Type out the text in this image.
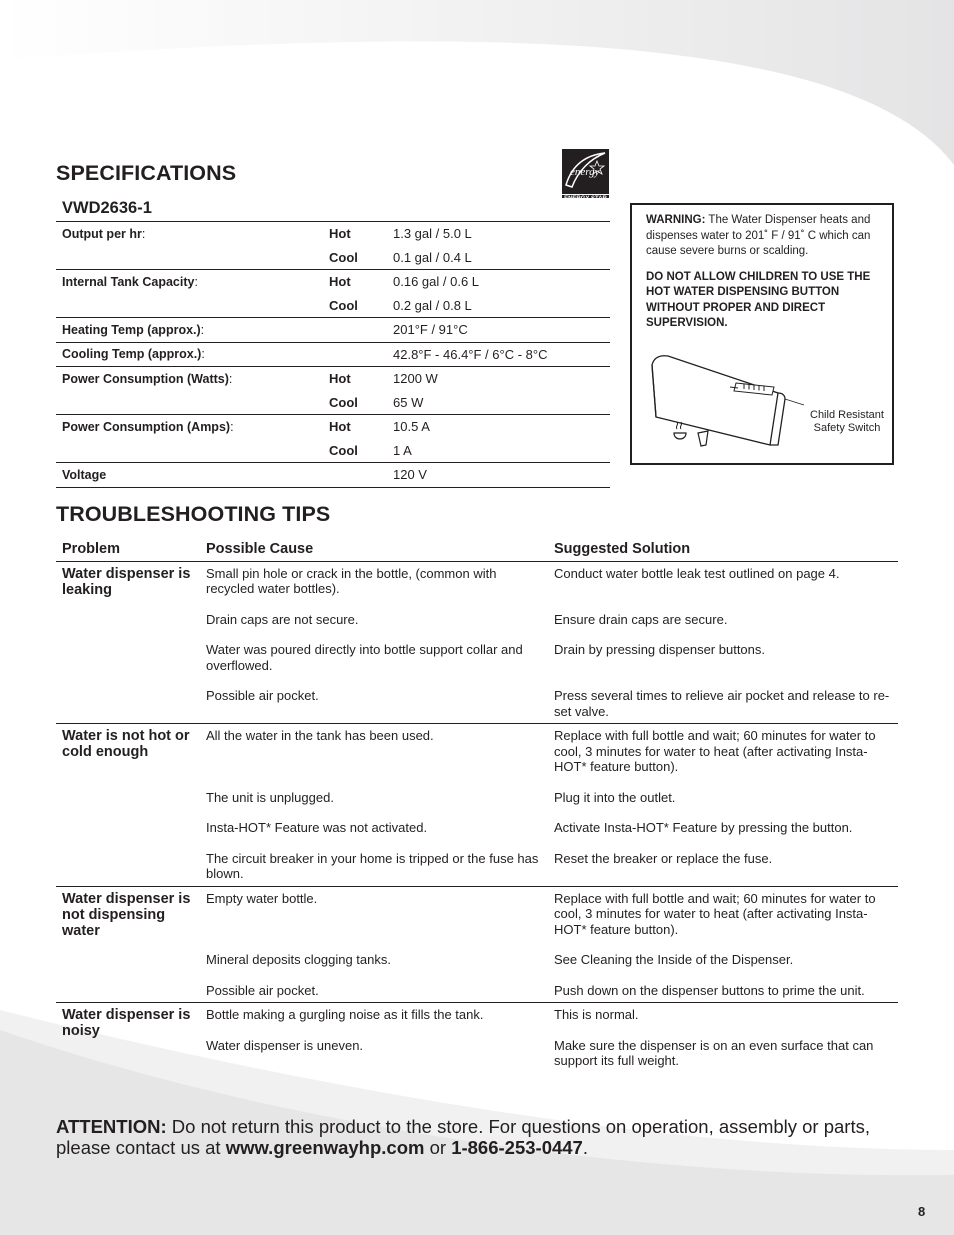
SPECIFICATIONS	energy
ENERGY STAR
VWD2636-1
Output per hr:	Hot	1.3 gal / 5.0 L
	Cool	0.1 gal / 0.4 L
Internal Tank Capacity:	Hot	0.16 gal / 0.6 L
	Cool	0.2 gal / 0.8 L
Heating Temp (approx.):		201°F / 91°C
Cooling Temp (approx.):		42.8°F - 46.4°F / 6°C - 8°C
Power Consumption (Watts):	Hot	1200 W
	Cool	65 W
Power Consumption (Amps):	Hot	10.5 A
	Cool	1 A
Voltage		120 V

WARNING: The Water Dispenser heats and dispenses water to 201˚ F / 91˚ C which can cause severe burns or scalding.

DO NOT ALLOW CHILDREN TO USE THE HOT WATER DISPENSING BUTTON WITHOUT PROPER AND DIRECT SUPERVISION.

Child Resistant
Safety Switch
TROUBLESHOOTING TIPS
Problem	Possible Cause	Suggested Solution
Water dispenser is leaking	Small pin hole or crack in the bottle, (common with recycled water bottles).	Conduct water bottle leak test outlined on page 4.
	Drain caps are not secure.	Ensure drain caps are secure.
	Water was poured directly into bottle support collar and overflowed.	Drain by pressing dispenser buttons.
	Possible air pocket.	Press several times to relieve air pocket and release to re-set valve.
Water is not hot or cold enough	All the water in the tank has been used.	Replace with full bottle and wait; 60 minutes for water to cool, 3 minutes for water to heat (after activating Insta-HOT* feature button).
	The unit is unplugged.	Plug it into the outlet.
	Insta-HOT* Feature was not activated.	Activate Insta-HOT* Feature by pressing the button.
	The circuit breaker in your home is tripped or the fuse has blown.	Reset the breaker or replace the fuse.
Water dispenser is not dispensing water	Empty water bottle.	Replace with full bottle and wait; 60 minutes for water to cool, 3 minutes for water to heat (after activating Insta-HOT* feature button).
	Mineral deposits clogging tanks.	See Cleaning the Inside of the Dispenser.
	Possible air pocket.	Push down on the dispenser buttons to prime the unit.
Water dispenser is noisy	Bottle making a gurgling noise as it fills the tank.	This is normal.
	Water dispenser is uneven.	Make sure the dispenser is on an even surface that can support its full weight.
ATTENTION: Do not return this product to the store. For questions on operation, assembly or parts, please contact us at www.greenwayhp.com or 1-866-253-0447.
8
